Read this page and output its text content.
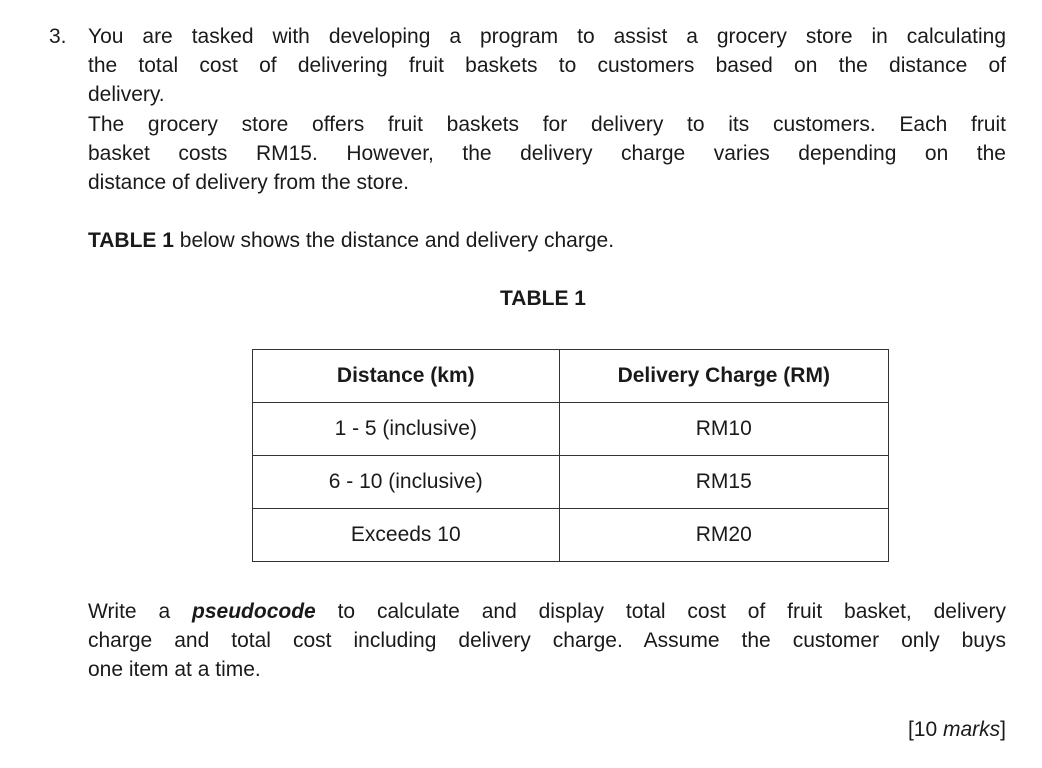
3. You are tasked with developing a program to assist a grocery store in calculating
the total cost of delivering fruit baskets to customers based on the distance of
delivery.
The grocery store offers fruit baskets for delivery to its customers. Each fruit
basket costs RM15. However, the delivery charge varies depending on the
distance of delivery from the store.
TABLE 1 below shows the distance and delivery charge.
TABLE 1
Distance (km)	Delivery Charge (RM)
1 - 5 (inclusive)	RM10
6 - 10 (inclusive)	RM15
Exceeds 10	RM20
Write a pseudocode to calculate and display total cost of fruit basket, delivery
charge and total cost including delivery charge. Assume the customer only buys
one item at a time.
[10 marks]
